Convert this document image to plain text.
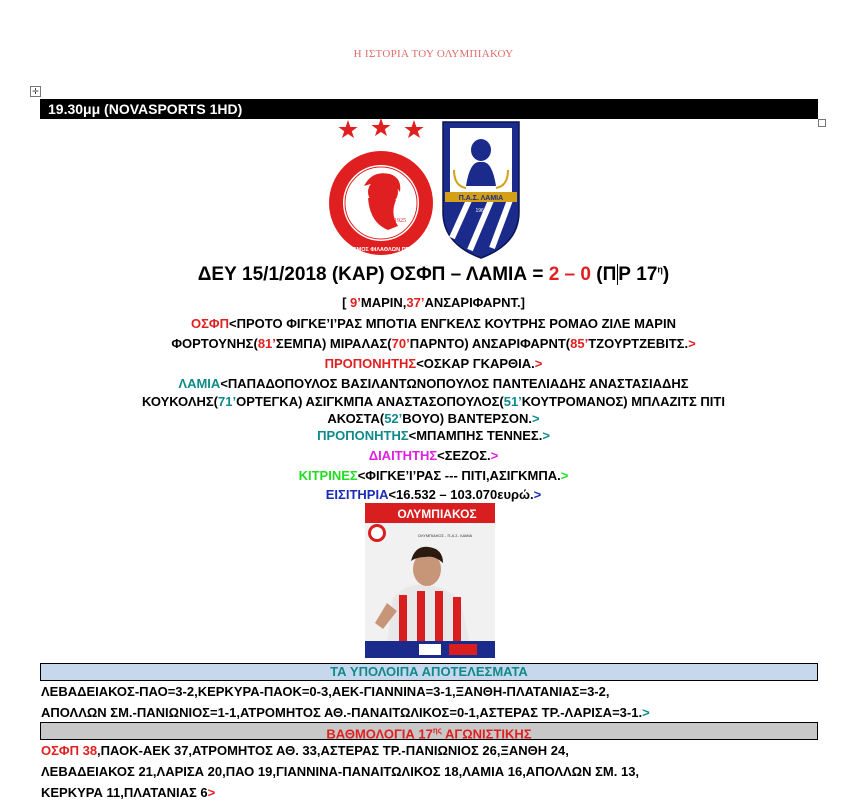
Η ΙΣΤΟΡΙΑ ΤΟΥ ΟΛΥΜΠΙΑΚΟΥ
✛
19.30μμ (NOVASPORTS 1HD)
ΟΛΥΜΠΙΑΚΟΣ
ΣΥΝΔΕΣΜΟΣ ΦΙΛΑΘΛΩΝ ΠΕΙΡΑΙΩΣ
1925
Π.Α.Σ. ΛΑΜΙΑ
1964
ΔΕΥ 15/1/2018 (ΚΑΡ) ΟΣΦΠ – ΛΑΜΙΑ = 2 – 0 (Π Ρ $17^\eta$)
[ 9’ΜΑΡΙΝ,37’ΑΝΣΑΡΙΦΑΡΝΤ.]
ΟΣΦΠ<ΠΡΟΤΟ ΦΙΓΚΕ’Ι’ΡΑΣ ΜΠΟΤΙΑ ΕΝΓΚΕΛΣ ΚΟΥΤΡΗΣ ΡΟΜΑΟ ΖΙΛΕ ΜΑΡΙΝ
ΦΟΡΤΟΥΝΗΣ(81’ΣΕΜΠΑ) ΜΙΡΑΛΑΣ(70’ΠΑΡΝΤΟ) ΑΝΣΑΡΙΦΑΡΝΤ(85’ΤΖΟΥΡΤΖΕΒΙΤΣ.>
ΠΡΟΠΟΝΗΤΗΣ<ΟΣΚΑΡ ΓΚΑΡΘΙΑ.>
ΛΑΜΙΑ<ΠΑΠΑΔΟΠΟΥΛΟΣ ΒΑΣΙΛΑΝΤΩΝΟΠΟΥΛΟΣ ΠΑΝΤΕΛΙΑΔΗΣ ΑΝΑΣΤΑΣΙΑΔΗΣ
ΚΟΥΚΟΛΗΣ(71’ΟΡΤΕΓΚΑ) ΑΣΙΓΚΜΠΑ ΑΝΑΣΤΑΣΟΠΟΥΛΟΣ(51’ΚΟΥΤΡΟΜΑΝΟΣ) ΜΠΛΑΖΙΤΣ ΠΙΤΙ
ΑΚΟΣΤΑ(52’ΒΟΥΟ) ΒΑΝΤΕΡΣΟΝ.>
ΠΡΟΠΟΝΗΤΗΣ<ΜΠΑΜΠΗΣ ΤΕΝΝΕΣ.>
ΔΙΑΙΤΗΤΗΣ<ΣΕΖΟΣ.>
ΚΙΤΡΙΝΕΣ<ΦΙΓΚΕ’Ι’ΡΑΣ --- ΠΙΤΙ,ΑΣΙΓΚΜΠΑ.>
ΕΙΣΙΤΗΡΙΑ<16.532 – 103.070ευρώ.>
ΟΛΥΜΠΙΑΚΟΣ
ΟΛΥΜΠΙΑΚΟΣ - Π.Α.Σ. ΛΑΜΙΑ
ΤΑ ΥΠΟΛΟΙΠΑ ΑΠΟΤΕΛΕΣΜΑΤΑ
ΛΕΒΑΔΕΙΑΚΟΣ-ΠΑΟ=3-2,ΚΕΡΚΥΡΑ-ΠΑΟΚ=0-3,ΑΕΚ-ΓΙΑΝΝΙΝΑ=3-1,ΞΑΝΘΗ-ΠΛΑΤΑΝΙΑΣ=3-2,
ΑΠΟΛΛΩΝ ΣΜ.-ΠΑΝΙΩΝΙΟΣ=1-1,ΑΤΡΟΜΗΤΟΣ ΑΘ.-ΠΑΝΑΙΤΩΛΙΚΟΣ=0-1,ΑΣΤΕΡΑΣ ΤΡ.-ΛΑΡΙΣΑ=3-1.>
ΒΑΘΜΟΛΟΓΙΑ $17^{\eta\varsigma}$ ΑΓΩΝΙΣΤΙΚΗΣ
ΟΣΦΠ 38,ΠΑΟΚ-ΑΕΚ 37,ΑΤΡΟΜΗΤΟΣ ΑΘ. 33,ΑΣΤΕΡΑΣ ΤΡ.-ΠΑΝΙΩΝΙΟΣ 26,ΞΑΝΘΗ 24,
ΛΕΒΑΔΕΙΑΚΟΣ 21,ΛΑΡΙΣΑ 20,ΠΑΟ 19,ΓΙΑΝΝΙΝΑ-ΠΑΝΑΙΤΩΛΙΚΟΣ 18,ΛΑΜΙΑ 16,ΑΠΟΛΛΩΝ ΣΜ. 13,
ΚΕΡΚΥΡΑ 11,ΠΛΑΤΑΝΙΑΣ 6>
